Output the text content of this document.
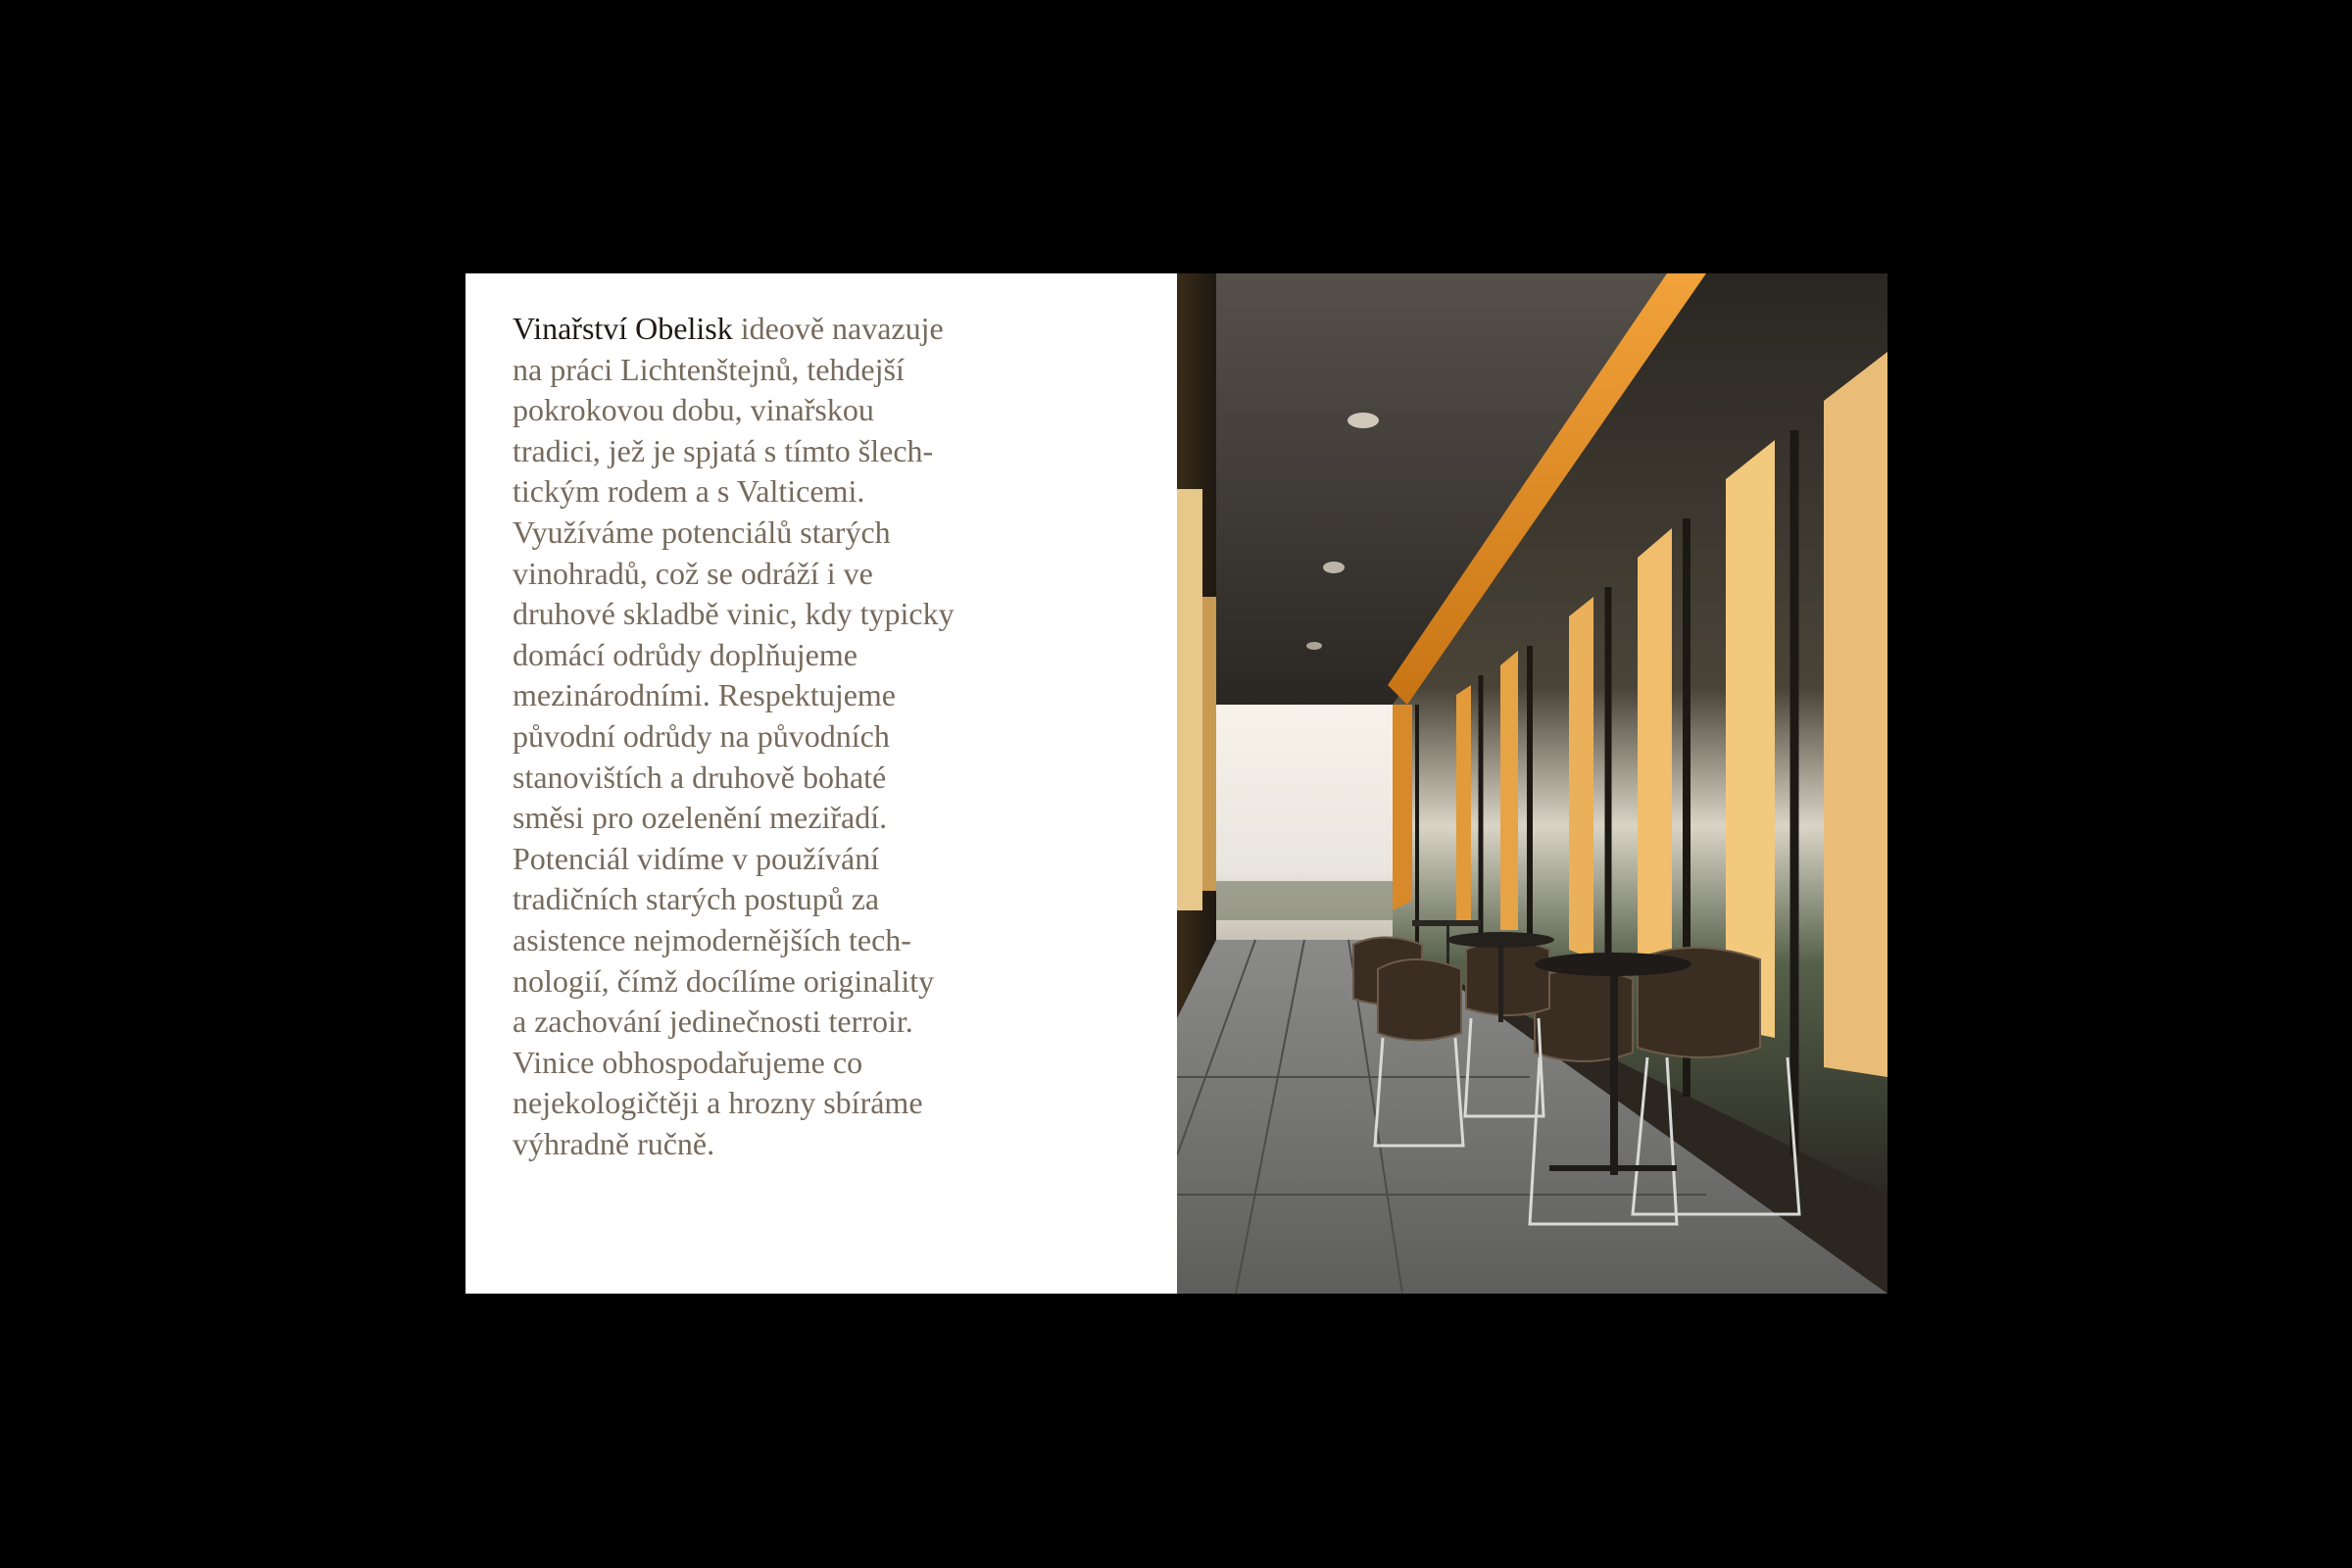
Vinařství Obelisk ideově navazuje
na práci Lichtenštejnů, tehdejší
pokrokovou dobu, vinařskou
tradici, jež je spjatá s tímto šlech-
tickým rodem a s Valticemi.
Využíváme potenciálů starých
vinohradů, což se odráží i ve
druhové skladbě vinic, kdy typicky
domácí odrůdy doplňujeme
mezinárodními. Respektujeme
původní odrůdy na původních
stanovištích a druhově bohaté
směsi pro ozelenění meziřadí.
Potenciál vidíme v používání
tradičních starých postupů za
asistence nejmodernějších tech-
nologií, čímž docílíme originality
a zachování jedinečnosti terroir.
Vinice obhospodařujeme co
nejekologičtěji a hrozny sbíráme
výhradně ručně.
